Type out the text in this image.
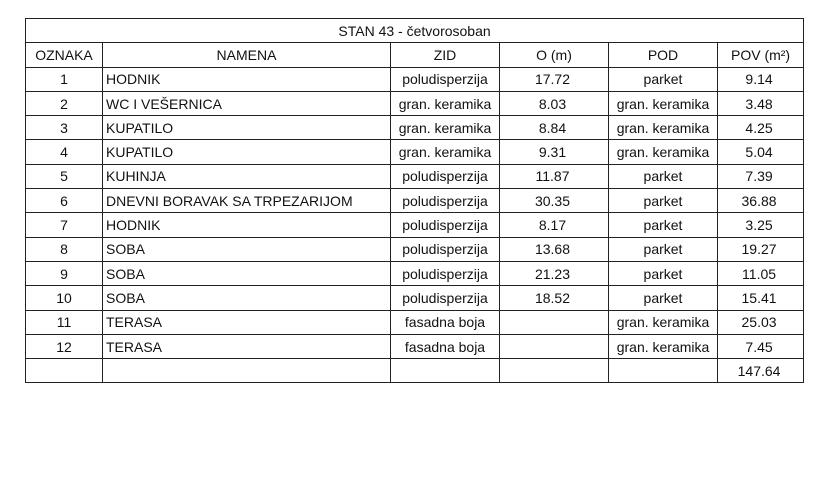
STAN 43 - četvorosoban					
OZNAKA	NAMENA	ZID	O (m)	POD	POV (m²)
1	HODNIK	poludisperzija	17.72	parket	9.14
2	WC I VEŠERNICA	gran. keramika	8.03	gran. keramika	3.48
3	KUPATILO	gran. keramika	8.84	gran. keramika	4.25
4	KUPATILO	gran. keramika	9.31	gran. keramika	5.04
5	KUHINJA	poludisperzija	11.87	parket	7.39
6	DNEVNI BORAVAK SA TRPEZARIJOM	poludisperzija	30.35	parket	36.88
7	HODNIK	poludisperzija	8.17	parket	3.25
8	SOBA	poludisperzija	13.68	parket	19.27
9	SOBA	poludisperzija	21.23	parket	11.05
10	SOBA	poludisperzija	18.52	parket	15.41
11	TERASA	fasadna boja		gran. keramika	25.03
12	TERASA	fasadna boja		gran. keramika	7.45
					147.64
